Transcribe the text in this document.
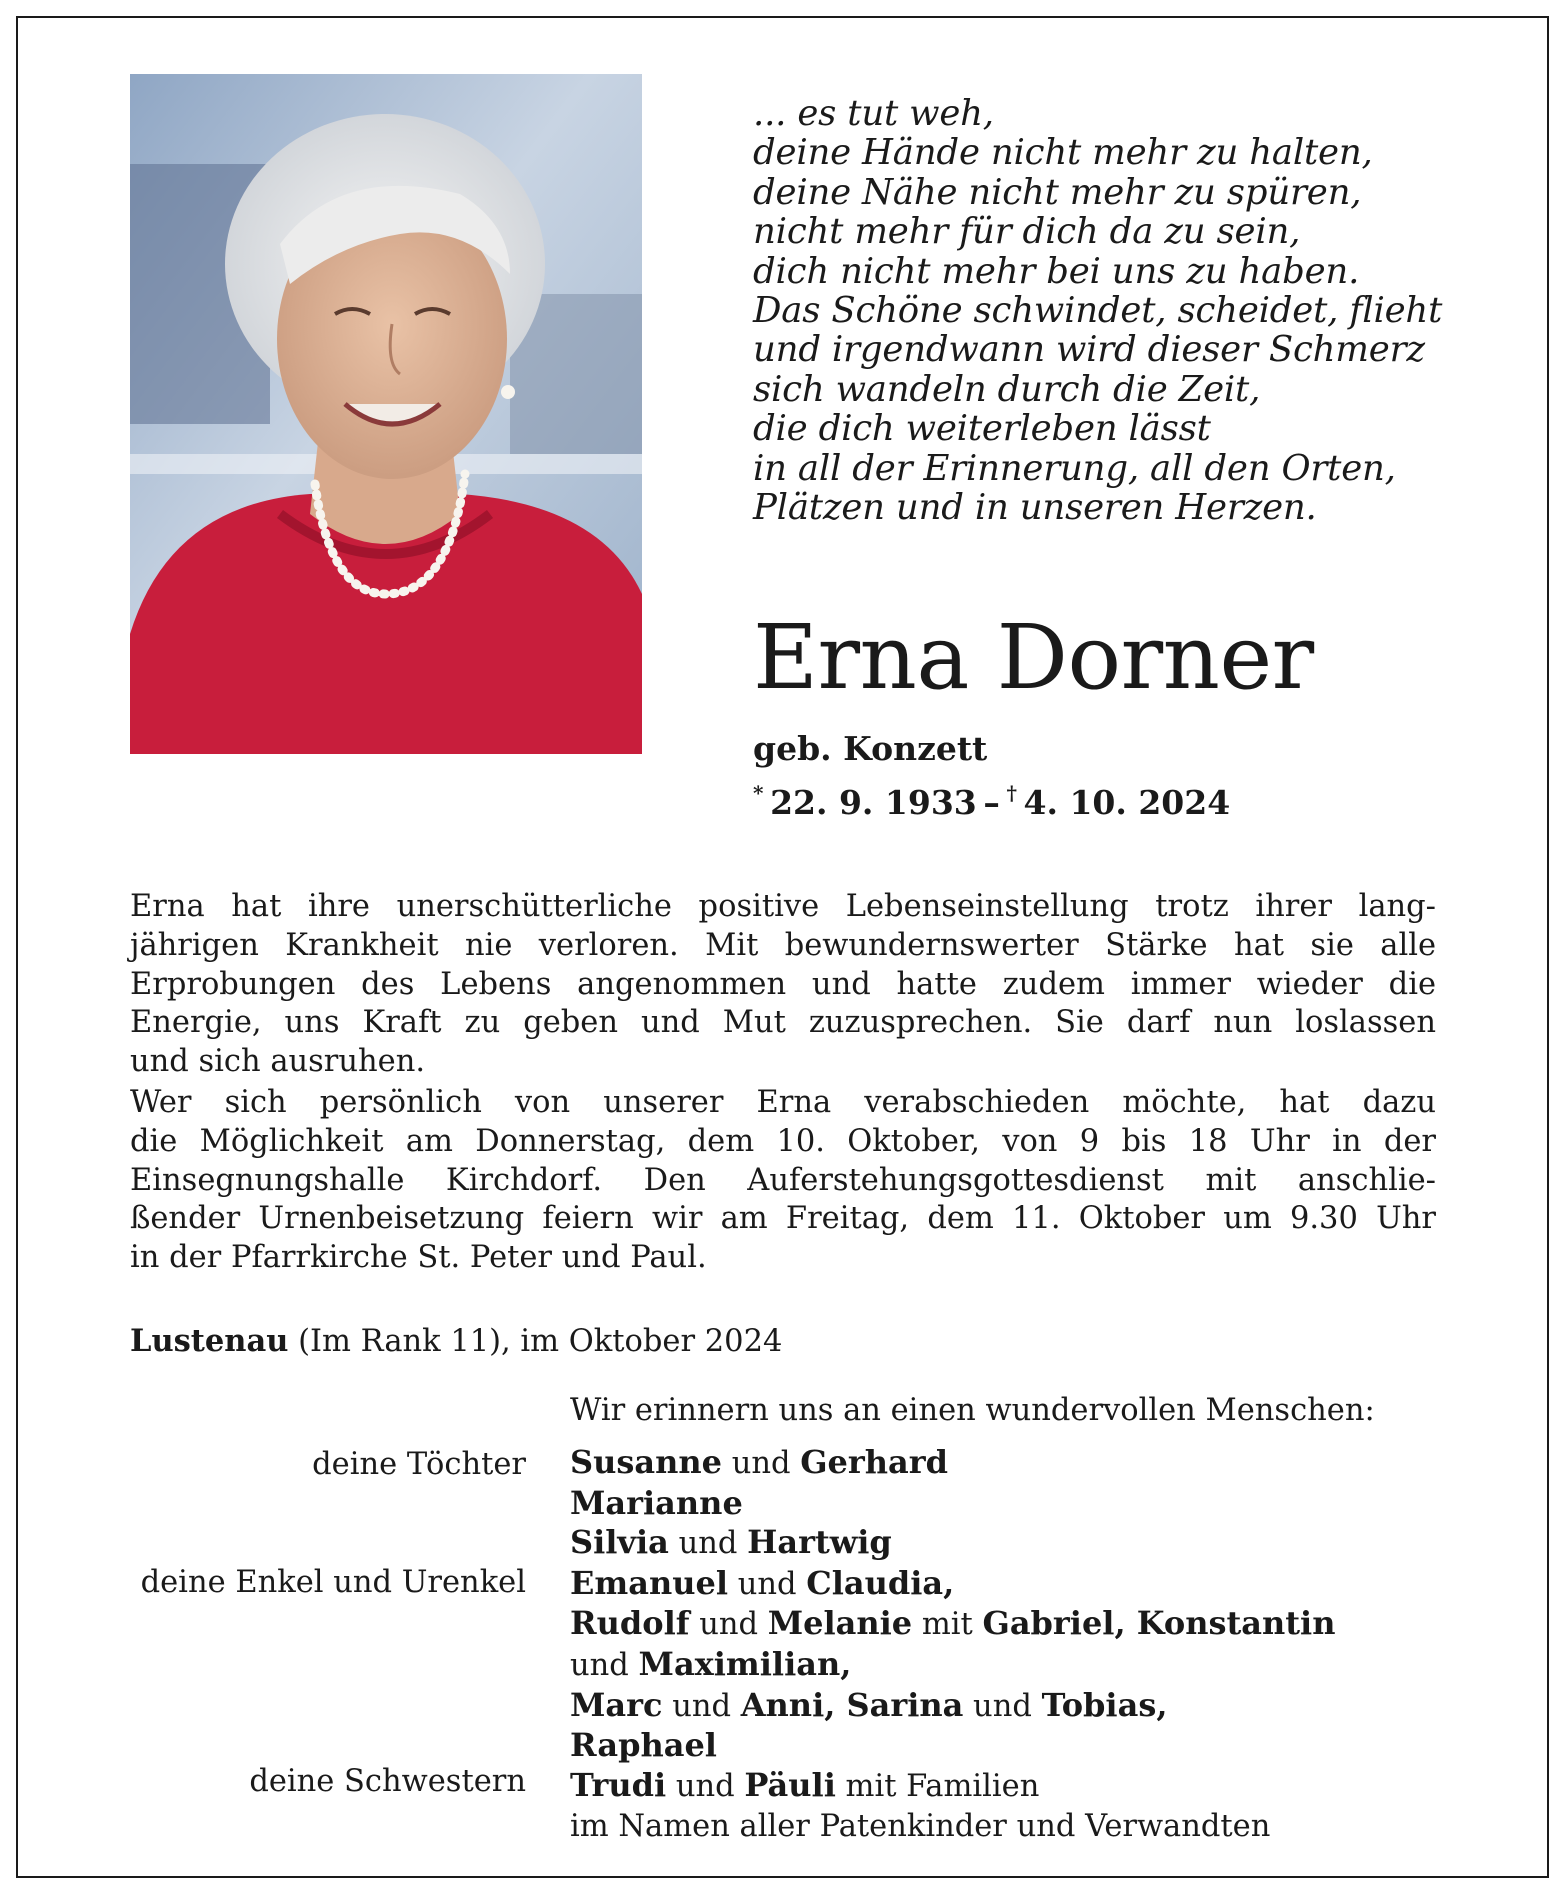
... es tut weh,
deine Hände nicht mehr zu halten,
deine Nähe nicht mehr zu spüren,
nicht mehr für dich da zu sein,
dich nicht mehr bei uns zu haben.
Das Schöne schwindet, scheidet, flieht
und irgendwann wird dieser Schmerz
sich wandeln durch die Zeit,
die dich weiterleben lässt
in all der Erinnerung, all den Orten,
Plätzen und in unseren Herzen.
Erna Dorner
geb. Konzett
*  22. 9. 1933  –  †  4. 10. 2024
Erna hat ihre unerschütterliche positive Lebenseinstellung trotz ihrer lang-
jährigen Krankheit nie verloren. Mit bewundernswerter Stärke hat sie alle
Erprobungen des Lebens angenommen und hatte zudem immer wieder die
Energie, uns Kraft zu geben und Mut zuzusprechen. Sie darf nun loslassen
und sich ausruhen.
Wer sich persönlich von unserer Erna verabschieden möchte, hat dazu
die Möglichkeit am Donnerstag, dem 10. Oktober, von 9 bis 18 Uhr in der
Einsegnungshalle Kirchdorf. Den Auferstehungsgottesdienst mit anschlie-
ßender Urnenbeisetzung feiern wir am Freitag, dem 11. Oktober um 9.30 Uhr
in der Pfarrkirche St. Peter und Paul.
Lustenau (Im Rank 11), im Oktober 2024
Wir erinnern uns an einen wundervollen Menschen:
deine Töchter
deine Enkel und Urenkel
deine Schwestern
Susanne und Gerhard
Marianne
Silvia und Hartwig
Emanuel und Claudia,
Rudolf und Melanie mit Gabriel, Konstantin
und Maximilian,
Marc und Anni, Sarina und Tobias,
Raphael
Trudi und Päuli mit Familien
im Namen aller Patenkinder und Verwandten
